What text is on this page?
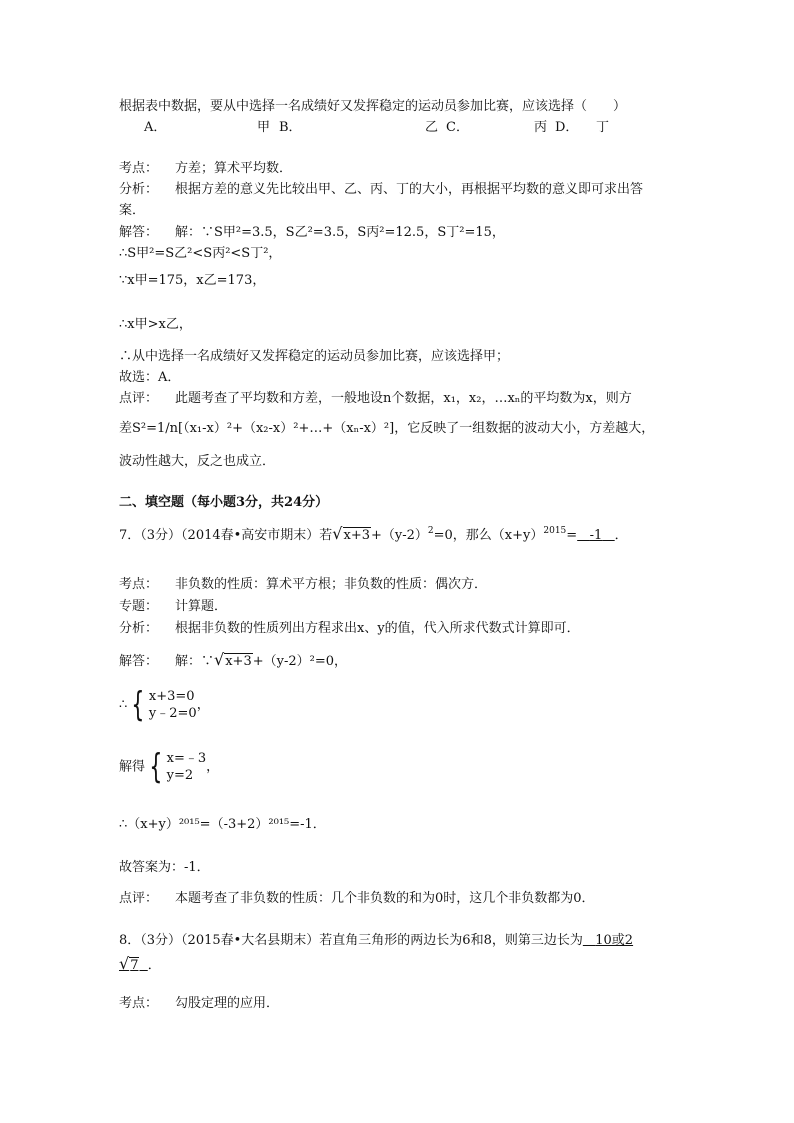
根据表中数据，要从中选择一名成绩好又发挥稳定的运动员参加比赛，应该选择（　　）
A．	甲 B．	乙 C．	丙 D． 丁
考点： 方差；算术平均数．
分析： 根据方差的意义先比较出甲、乙、丙、丁的大小，再根据平均数的意义即可求出答
案．
解答： 解：∵S甲²=3.5，S乙²=3.5，S丙²=12.5，S丁²=15，
∴S甲²=S乙²<S丙²<S丁²，
∵x甲=175，x乙=173，
∴x甲>x乙，
∴从中选择一名成绩好又发挥稳定的运动员参加比赛，应该选择甲；
故选：A．
点评： 此题考查了平均数和方差，一般地设n个数据，x₁，x₂，…xₙ的平均数为x，则方
差S²=1/n[（x₁-x）²+（x₂-x）²+…+（xₙ-x）²]，它反映了一组数据的波动大小，方差越大，
波动性越大，反之也成立．
二、填空题（每小题3分，共24分）
7．（3分）（2014春•高安市期末）若$√x+3+(y-2)^2=0$，那么$(x+y)^{2015}= -1$ ．
考点： 非负数的性质：算术平方根；非负数的性质：偶次方．
专题： 计算题．
分析： 根据非负数的性质列出方程求出x、y的值，代入所求代数式计算即可．
解答： 解：∵√x+3+（y-2）²=0，
∴ { x+3=0
y﹣2=0
，
解得 { x=﹣3
y=2
，
∴（x+y）²⁰¹⁵=（-3+2）²⁰¹⁵=-1．
故答案为：-1．
点评： 本题考查了非负数的性质：几个非负数的和为0时，这几个非负数都为0．
8．（3分）（2015春•大名县期末）若直角三角形的两边长为6和8，则第三边长为 10或2
√7 ．
考点： 勾股定理的应用．
